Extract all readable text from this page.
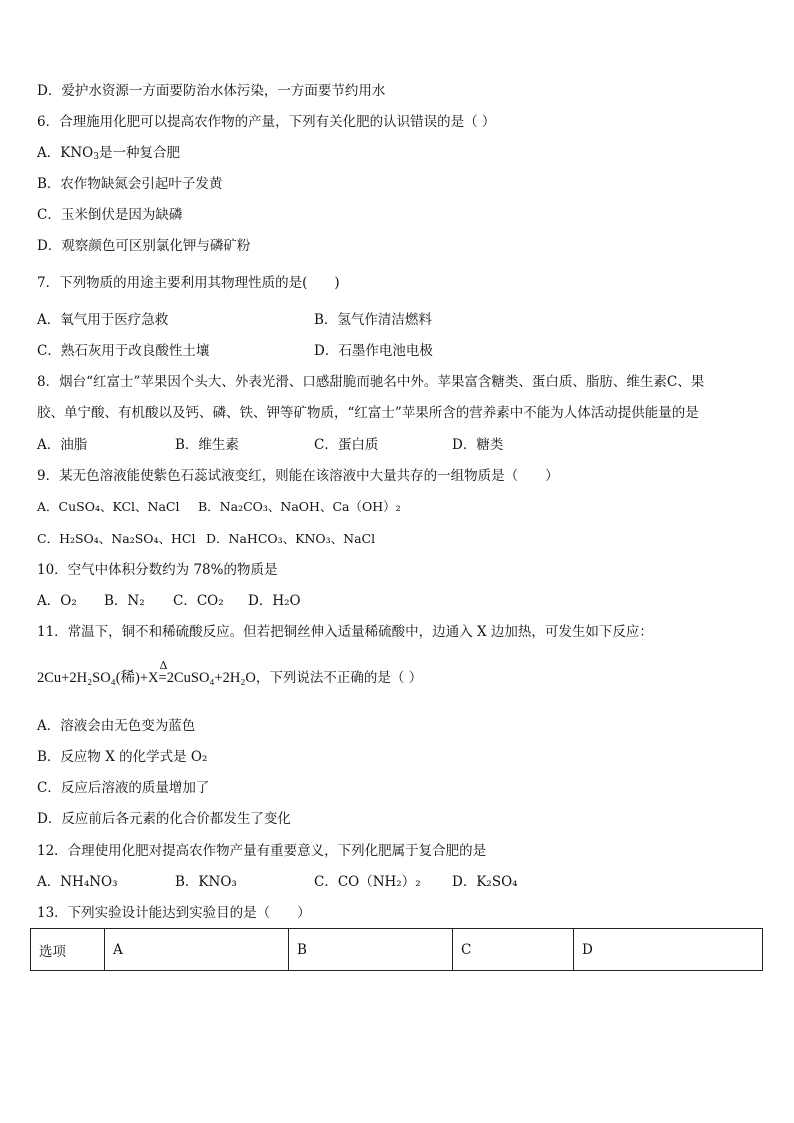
D．爱护水资源一方面要防治水体污染，一方面要节约用水
6．合理施用化肥可以提高农作物的产量，下列有关化肥的认识错误的是（ ）
A．$KNO_3$是一种复合肥
B．农作物缺氮会引起叶子发黄
C．玉米倒伏是因为缺磷
D．观察颜色可区别氯化钾与磷矿粉
7．下列物质的用途主要利用其物理性质的是(　　)
A．氧气用于医疗急救	B．氢气作清洁燃料
C．熟石灰用于改良酸性土壤	D．石墨作电池电极
8．烟台“红富士”苹果因个头大、外表光滑、口感甜脆而驰名中外。苹果富含糖类、蛋白质、脂肪、维生素C、果
胶、单宁酸、有机酸以及钙、磷、铁、钾等矿物质，“红富士”苹果所含的营养素中不能为人体活动提供能量的是
A．油脂	B．维生素	C．蛋白质	D．糖类
9．某无色溶液能使紫色石蕊试液变红，则能在该溶液中大量共存的一组物质是（　　）
A．CuSO₄、KCl、NaCl B．Na₂CO₃、NaOH、Ca（OH）₂
C．H₂SO₄、Na₂SO₄、HCl D．NaHCO₃、KNO₃、NaCl
10．空气中体积分数约为 78%的物质是
A．O₂ B．N₂ C．CO₂ D．H₂O
11．常温下，铜不和稀硫酸反应。但若把铜丝伸入适量稀硫酸中，边通入 X 边加热，可发生如下反应：
2Cu+2H₂SO₄(稀)+X
Δ
=2CuSO₄+2H₂O，下列说法不正确的是（ ）
A．溶液会由无色变为蓝色
B．反应物 X 的化学式是 O₂
C．反应后溶液的质量增加了
D．反应前后各元素的化合价都发生了变化
12．合理使用化肥对提高农作物产量有重要意义，下列化肥属于复合肥的是
A．NH₄NO₃	B．KNO₃	C．CO（NH₂）₂ D．K₂SO₄
13．下列实验设计能达到实验目的是（　　）
选项	A	B	C	D
